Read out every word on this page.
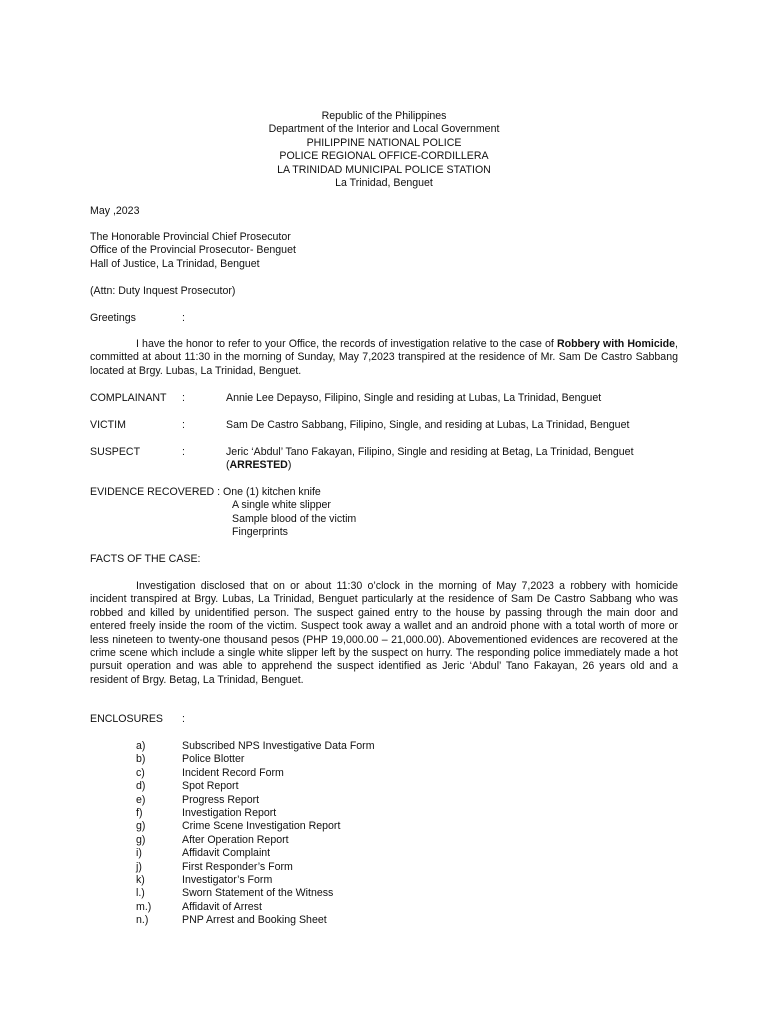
Republic of the Philippines
Department of the Interior and Local Government
PHILIPPINE NATIONAL POLICE
POLICE REGIONAL OFFICE-CORDILLERA
LA TRINIDAD MUNICIPAL POLICE STATION
La Trinidad, Benguet
May ,2023
The Honorable Provincial Chief Prosecutor
Office of the Provincial Prosecutor- Benguet
Hall of Justice, La Trinidad, Benguet
(Attn: Duty Inquest Prosecutor)
Greetings	:
I have the honor to refer to your Office, the records of investigation relative to the case of Robbery with Homicide, committed at about 11:30 in the morning of Sunday, May 7,2023 transpired at the residence of Mr. Sam De Castro Sabbang located at Brgy. Lubas, La Trinidad, Benguet.
COMPLAINANT	:	Annie Lee Depayso, Filipino, Single and residing at Lubas, La Trinidad, Benguet
VICTIM	:	Sam De Castro Sabbang, Filipino, Single, and residing at Lubas, La Trinidad, Benguet
SUSPECT	:	Jeric ‘Abdul’ Tano Fakayan, Filipino, Single and residing at Betag, La Trinidad, Benguet
(ARRESTED)
EVIDENCE RECOVERED : One (1) kitchen knife
A single white slipper
Sample blood of the victim
Fingerprints
FACTS OF THE CASE:
Investigation disclosed that on or about 11:30 o’clock in the morning of May 7,2023 a robbery with homicide incident transpired at Brgy. Lubas, La Trinidad, Benguet particularly at the residence of Sam De Castro Sabbang who was robbed and killed by unidentified person. The suspect gained entry to the house by passing through the main door and entered freely inside the room of the victim. Suspect took away a wallet and an android phone with a total worth of more or less nineteen to twenty-one thousand pesos (PHP 19,000.00 – 21,000.00). Abovementioned evidences are recovered at the crime scene which include a single white slipper left by the suspect on hurry. The responding police immediately made a hot pursuit operation and was able to apprehend the suspect identified as Jeric ‘Abdul’ Tano Fakayan, 26 years old and a resident of Brgy. Betag, La Trinidad, Benguet.
ENCLOSURES	:
a)	Subscribed NPS Investigative Data Form
b)	Police Blotter
c)	Incident Record Form
d)	Spot Report
e)	Progress Report
f)	Investigation Report
g)	Crime Scene Investigation Report
g)	After Operation Report
i)	Affidavit Complaint
j)	First Responder’s Form
k)	Investigator’s Form
l.)	Sworn Statement of the Witness
m.)	Affidavit of Arrest
n.)	PNP Arrest and Booking Sheet
